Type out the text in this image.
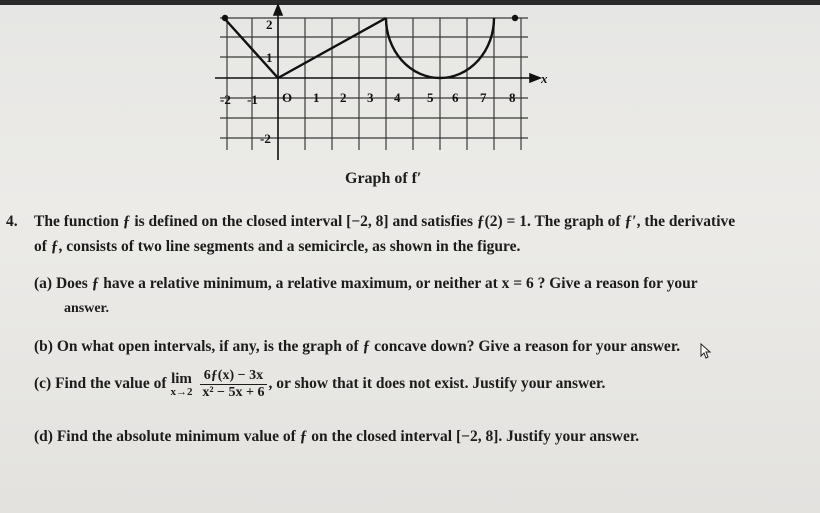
-2 -1 O 1 2 3 4 5 6 7 8
2
1
-2
x
Graph of f′
4. The function ƒ is defined on the closed interval [−2, 8] and satisfies ƒ(2) = 1. The graph of ƒ′, the derivative
of ƒ, consists of two line segments and a semicircle, as shown in the figure.
(a) Does ƒ have a relative minimum, a relative maximum, or neither at x = 6 ? Give a reason for your
answer.
(b) On what open intervals, if any, is the graph of ƒ concave down? Give a reason for your answer.
(c) Find the value of lim
x→2
$\frac{6ƒ(x) - 3x}{\text{x² − 5x + 6}}$ , or show that it does not exist. Justify your answer.
(d) Find the absolute minimum value of ƒ on the closed interval [−2, 8]. Justify your answer.
